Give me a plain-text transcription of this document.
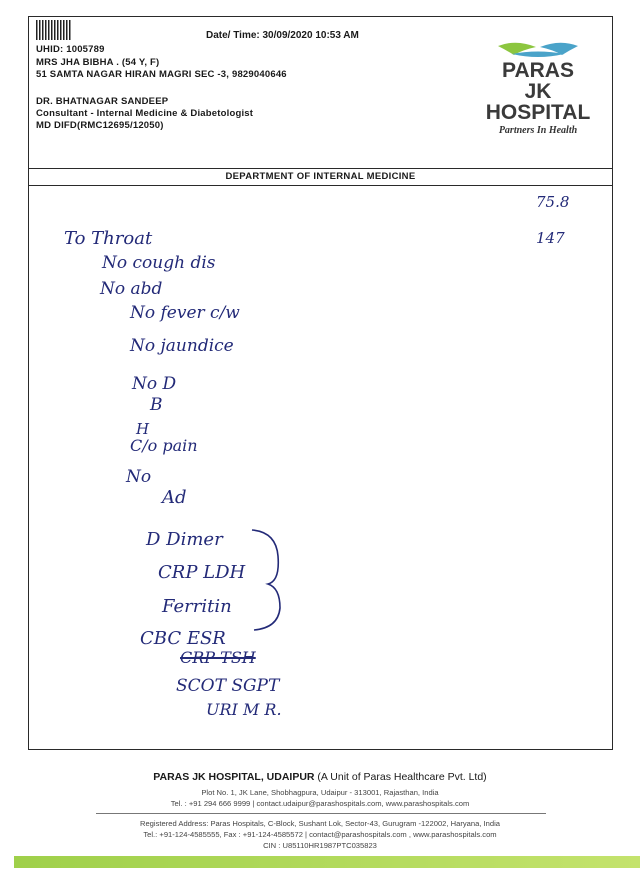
Date/ Time: 30/09/2020 10:53 AM
UHID: 1005789
MRS JHA BIBHA . (54 Y, F)
51 SAMTA NAGAR HIRAN MAGRI SEC -3, 9829040646
DR. BHATNAGAR SANDEEP
Consultant - Internal Medicine & Diabetologist
MD DIFD(RMC12695/12050)
PARAS
JK
HOSPITAL
Partners In Health
DEPARTMENT OF INTERNAL MEDICINE
75.8
147
To Throat
No cough dis
No abd
No fever c/w
No jaundice
No D
B
H
C/o pain
No
Ad
D Dimer
CRP LDH
Ferritin
CBC ESR
CRP TSH
SCOT SGPT
URI M R.
PARAS JK HOSPITAL, UDAIPUR (A Unit of Paras Healthcare Pvt. Ltd)
Plot No. 1, JK Lane, Shobhagpura, Udaipur - 313001, Rajasthan, India
Tel. : +91 294 666 9999 | contact.udaipur@parashospitals.com, www.parashospitals.com
Registered Address: Paras Hospitals, C-Block, Sushant Lok, Sector-43, Gurugram -122002, Haryana, India
Tel.: +91-124-4585555, Fax : +91-124-4585572 | contact@parashospitals.com , www.parashospitals.com
CIN : U85110HR1987PTC035823
